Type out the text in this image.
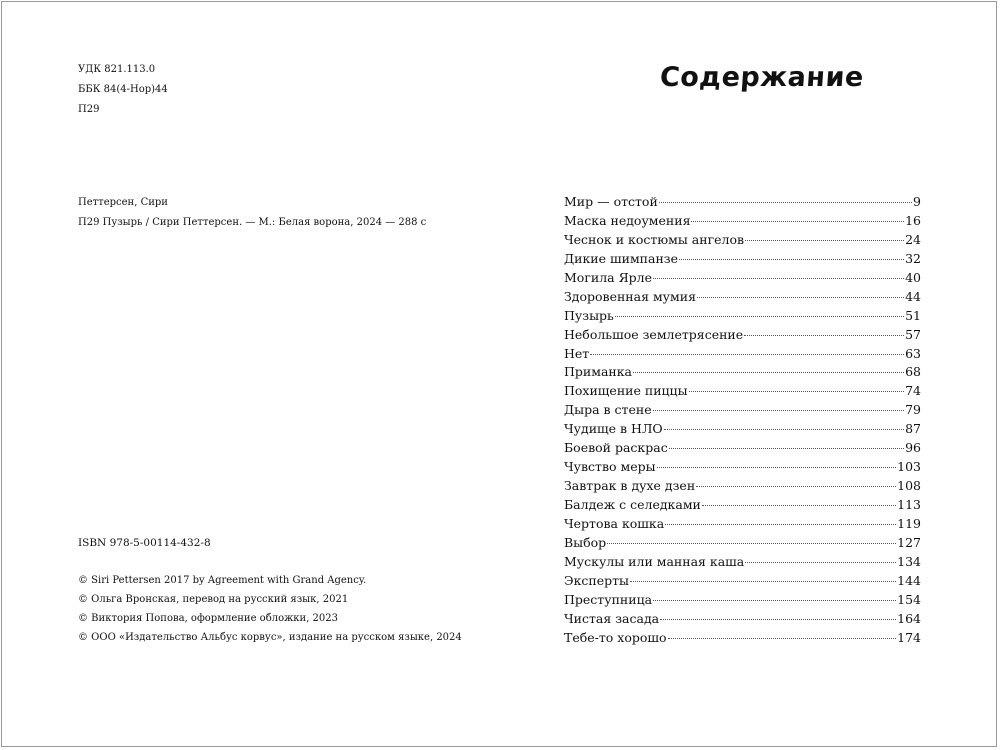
УДК 821.113.0
ББК 84(4-Нор)44
П29
Петтерсен, Сири
П29 Пузырь / Сири Петтерсен. — М.: Белая ворона, 2024 — 288 с
ISBN 978-5-00114-432-8
© Siri Pettersen 2017 by Agreement with Grand Agency.
© Ольга Вронская, перевод на русский язык, 2021
© Виктория Попова, оформление обложки, 2023
© ООО «Издательство Альбус корвус», издание на русском языке, 2024
Содержание
Мир — отстой	9
Маска недоумения	16
Чеснок и костюмы ангелов	24
Дикие шимпанзе	32
Могила Ярле	40
Здоровенная мумия	44
Пузырь	51
Небольшое землетрясение	57
Нет	63
Приманка	68
Похищение пиццы	74
Дыра в стене	79
Чудище в НЛО	87
Боевой раскрас	96
Чувство меры	103
Завтрак в духе дзен	108
Балдеж с селедками	113
Чертова кошка	119
Выбор	127
Мускулы или манная каша	134
Эксперты	144
Преступница	154
Чистая засада	164
Тебе-то хорошо	174
